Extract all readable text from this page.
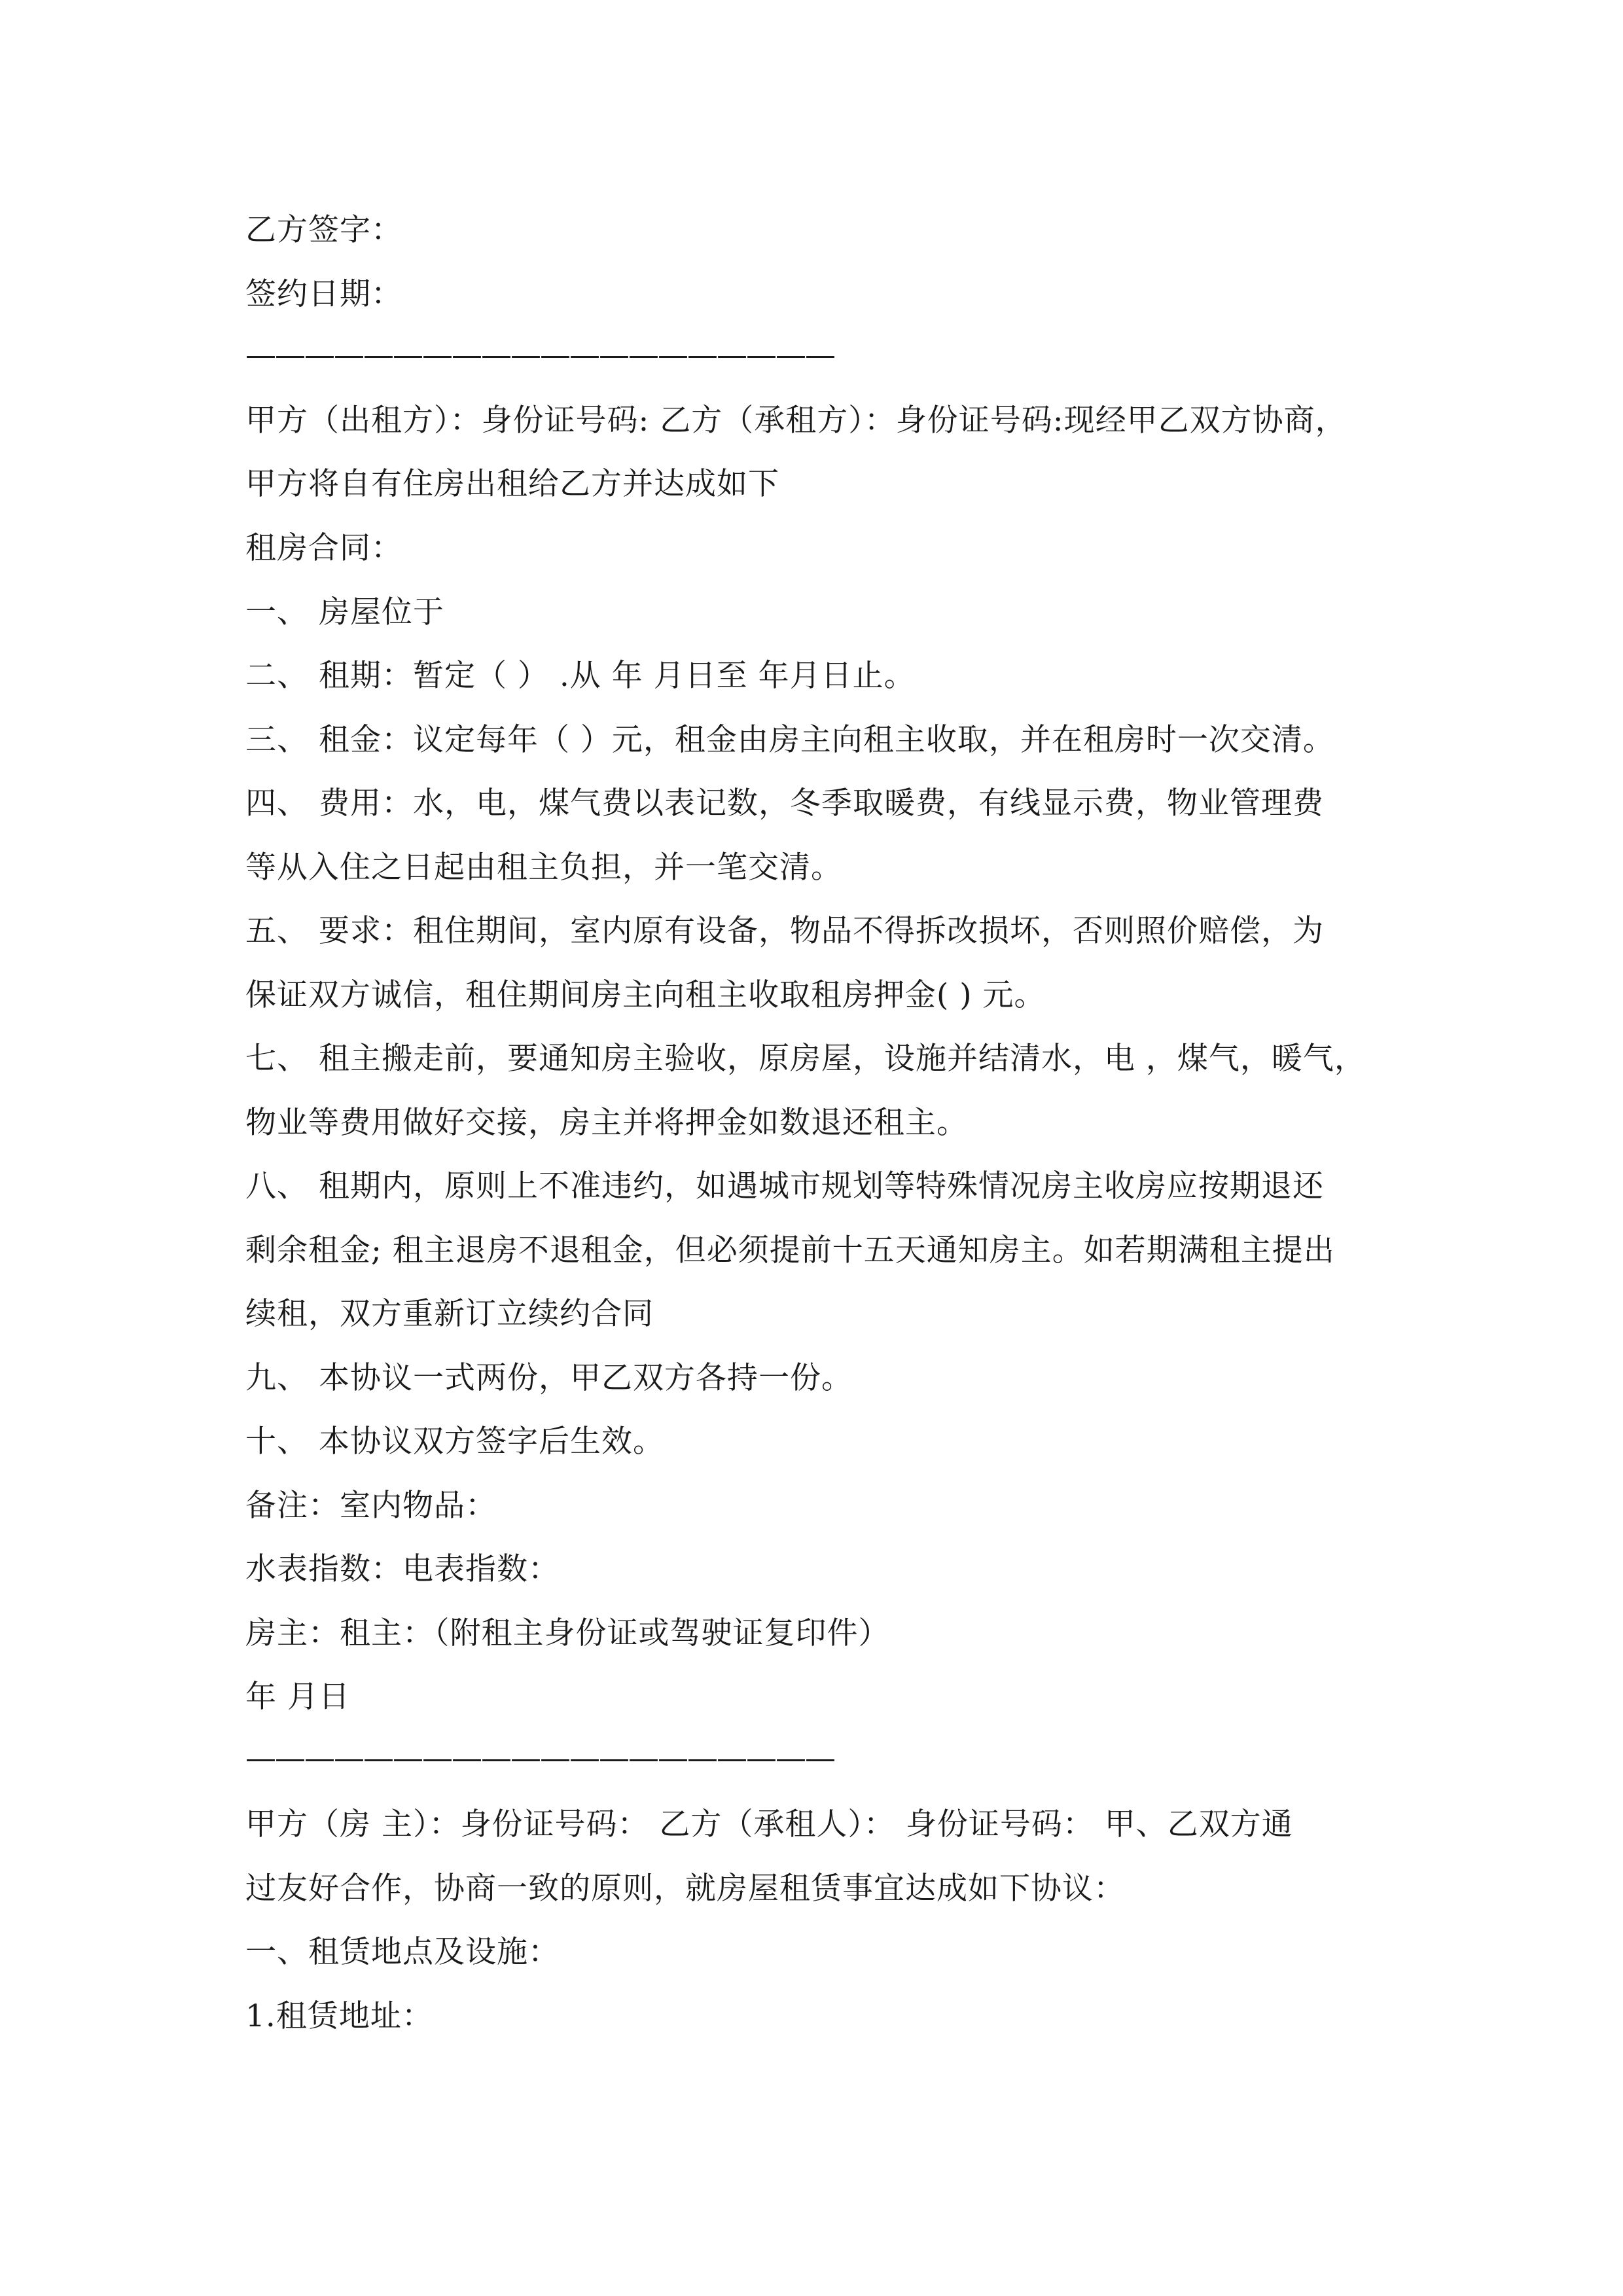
乙方签字：

签约日期：

————————————————————

甲方（出租方）：身份证号码: 乙方（承租方）：身份证号码:现经甲乙双方协商，

甲方将自有住房出租给乙方并达成如下

租房合同：

一、 房屋位于

二、 租期：暂定（ ） .从 年 月日至 年月日止。

三、 租金：议定每年（ ）元，租金由房主向租主收取，并在租房时一次交清。

四、 费用：水，电，煤气费以表记数，冬季取暖费，有线显示费，物业管理费

等从入住之日起由租主负担，并一笔交清。

五、 要求：租住期间，室内原有设备，物品不得拆改损坏，否则照价赔偿，为

保证双方诚信，租住期间房主向租主收取租房押金( ) 元。

七、 租主搬走前，要通知房主验收，原房屋，设施并结清水，电 ，煤气，暖气，

物业等费用做好交接，房主并将押金如数退还租主。

八、 租期内，原则上不准违约，如遇城市规划等特殊情况房主收房应按期退还

剩余租金; 租主退房不退租金，但必须提前十五天通知房主。如若期满租主提出

续租，双方重新订立续约合同

九、 本协议一式两份，甲乙双方各持一份。

十、 本协议双方签字后生效。

备注：室内物品：

水表指数：电表指数：

房主：租主：（附租主身份证或驾驶证复印件）

年 月日

————————————————————

甲方（房 主）：身份证号码： 乙方（承租人）： 身份证号码： 甲、乙双方通

过友好合作，协商一致的原则，就房屋租赁事宜达成如下协议：

一、租赁地点及设施：

1.租赁地址：
